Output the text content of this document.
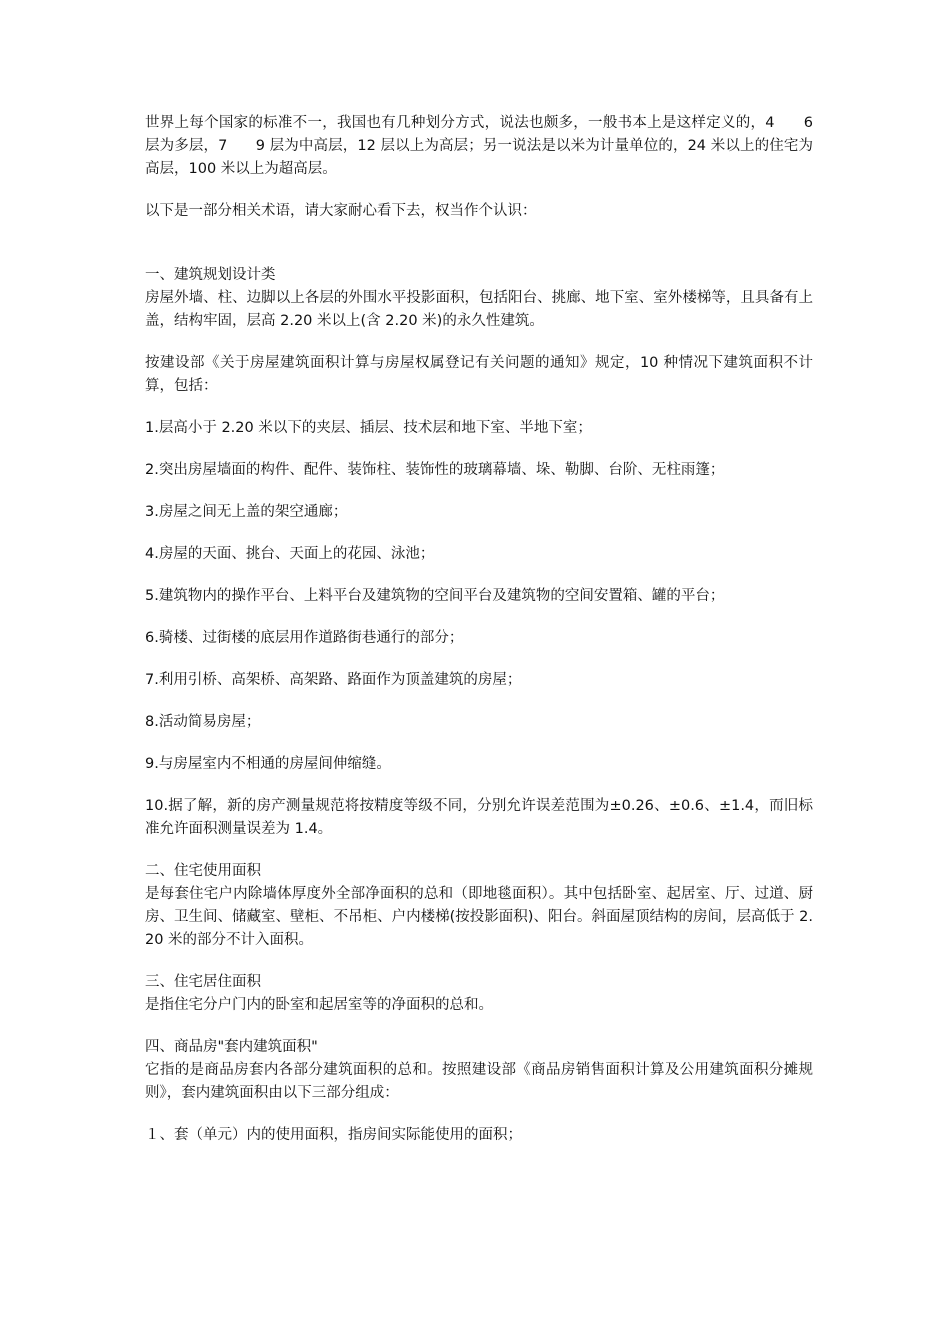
世界上每个国家的标准不一，我国也有几种划分方式，说法也颇多，一般书本上是这样定义的，4      6 层为多层，7      9 层为中高层，12 层以上为高层；另一说法是以米为计量单位的，24 米以上的住宅为高层，100 米以上为超高层。

以下是一部分相关术语，请大家耐心看下去，权当作个认识：

一、建筑规划设计类

房屋外墙、柱、边脚以上各层的外围水平投影面积，包括阳台、挑廊、地下室、室外楼梯等，且具备有上盖，结构牢固，层高 2.20 米以上(含 2.20 米)的永久性建筑。

按建设部《关于房屋建筑面积计算与房屋权属登记有关问题的通知》规定，10 种情况下建筑面积不计算，包括：

1.层高小于 2.20 米以下的夹层、插层、技术层和地下室、半地下室；

2.突出房屋墙面的构件、配件、装饰柱、装饰性的玻璃幕墙、垛、勒脚、台阶、无柱雨篷；

3.房屋之间无上盖的架空通廊；

4.房屋的天面、挑台、天面上的花园、泳池；

5.建筑物内的操作平台、上料平台及建筑物的空间平台及建筑物的空间安置箱、罐的平台；

6.骑楼、过街楼的底层用作道路街巷通行的部分；

7.利用引桥、高架桥、高架路、路面作为顶盖建筑的房屋；

8.活动简易房屋；

9.与房屋室内不相通的房屋间伸缩缝。

10.据了解，新的房产测量规范将按精度等级不同，分别允许误差范围为±0.26、±0.6、±1.4，而旧标准允许面积测量误差为 1.4。

二、住宅使用面积

是每套住宅户内除墙体厚度外全部净面积的总和（即地毯面积）。其中包括卧室、起居室、厅、过道、厨房、卫生间、储藏室、壁柜、不吊柜、户内楼梯(按投影面积)、阳台。斜面屋顶结构的房间，层高低于 2.20 米的部分不计入面积。

三、住宅居住面积

是指住宅分户门内的卧室和起居室等的净面积的总和。

四、商品房"套内建筑面积"

它指的是商品房套内各部分建筑面积的总和。按照建设部《商品房销售面积计算及公用建筑面积分摊规则》，套内建筑面积由以下三部分组成：

１、套（单元）内的使用面积，指房间实际能使用的面积；
